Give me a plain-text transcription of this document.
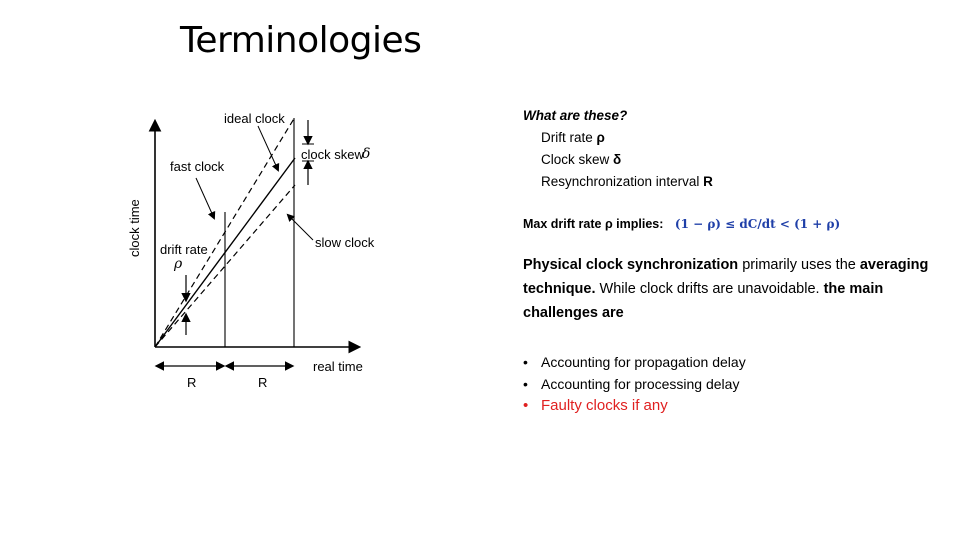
Terminologies
ideal clock
fast clock
clock skew
δ
clock time drift rate
ρ
slow clock
real time
R	R
What are these?
Drift rate ρ
Clock skew δ
Resynchronization interval R
Max drift rate ρ implies: (1 − ρ) ≤ dC/dt < (1 + ρ)
Physical clock synchronization primarily uses the averaging technique. While clock drifts are unavoidable. the main challenges are
• Accounting for propagation delay
• Accounting for processing delay
• Faulty clocks if any
